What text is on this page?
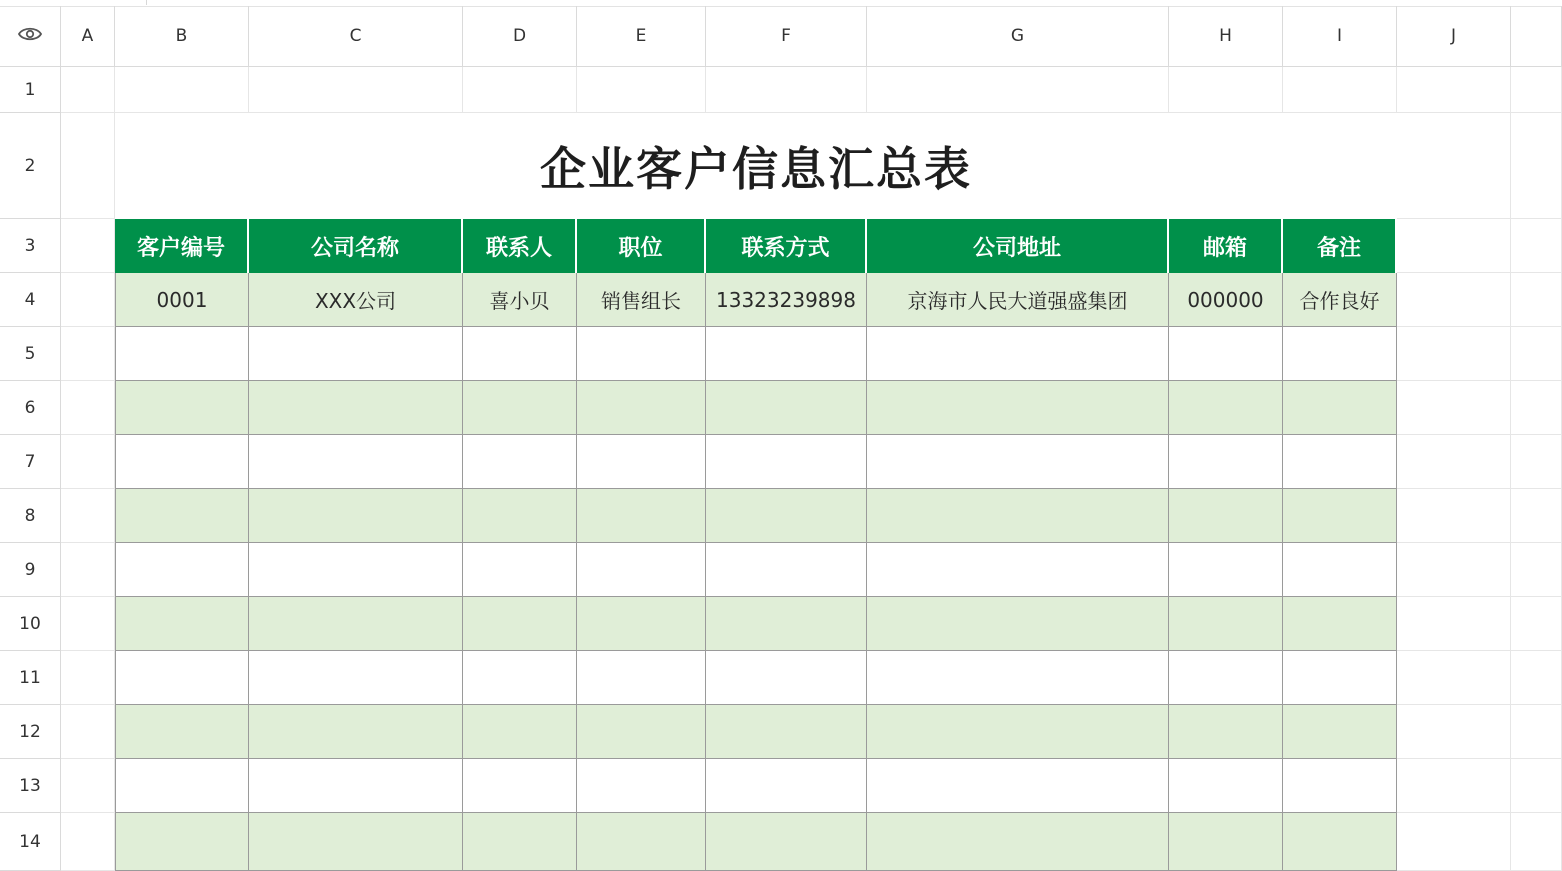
A	B	C	D	E	F	G	H	I	J
1
2
3
4
5
6
7
8
9
10
11
12
13
14
企业客户信息汇总表
客户编号	公司名称	联系人	职位	联系方式	公司地址	邮箱	备注
0001	XXX公司	喜小贝	销售组长	13323239898	京海市人民大道强盛集团	000000	合作良好
